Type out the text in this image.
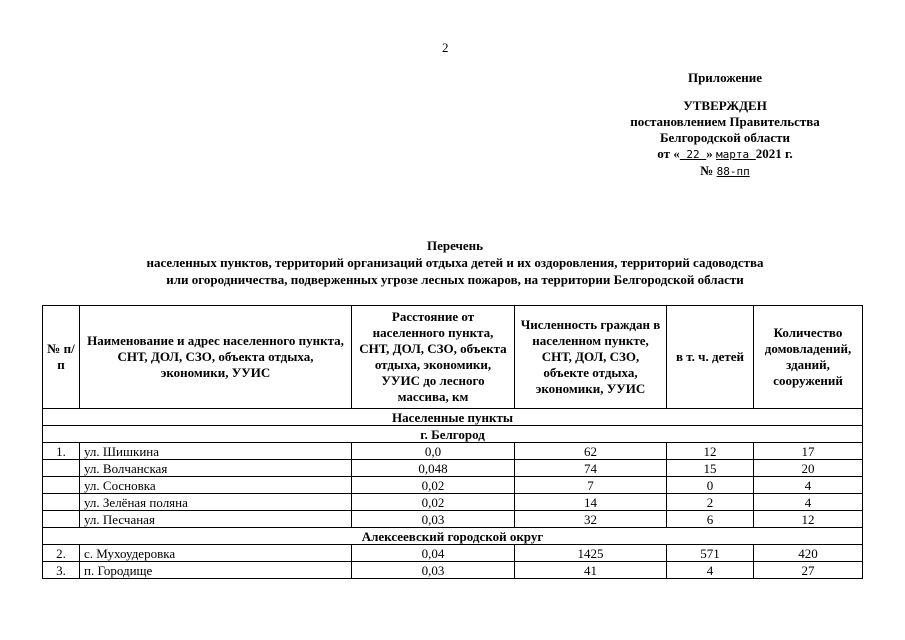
2
Приложение
УТВЕРЖДЕН
постановлением Правительства
Белгородской области
от « 22 » марта 2021 г.
№ 88-пп
Перечень
населенных пунктов, территорий организаций отдыха детей и их оздоровления, территорий садоводства
или огородничества, подверженных угрозе лесных пожаров, на территории Белгородской области
№ п/п	Наименование и адрес населенного пункта, СНТ, ДОЛ, СЗО, объекта отдыха, экономики, УУИС	Расстояние от населенного пункта, СНТ, ДОЛ, СЗО, объекта отдыха, экономики, УУИС до лесного массива, км	Численность граждан в населенном пункте, СНТ, ДОЛ, СЗО, объекте отдыха, экономики, УУИС	в т. ч. детей	Количество домовладений, зданий, сооружений
Населенные пункты					
г. Белгород					
1.	ул. Шишкина	0,0	62	12	17
	ул. Волчанская	0,048	74	15	20
	ул. Сосновка	0,02	7	0	4
	ул. Зелёная поляна	0,02	14	2	4
	ул. Песчаная	0,03	32	6	12
Алексеевский городской округ					
2.	с. Мухоудеровка	0,04	1425	571	420
3.	п. Городище	0,03	41	4	27
